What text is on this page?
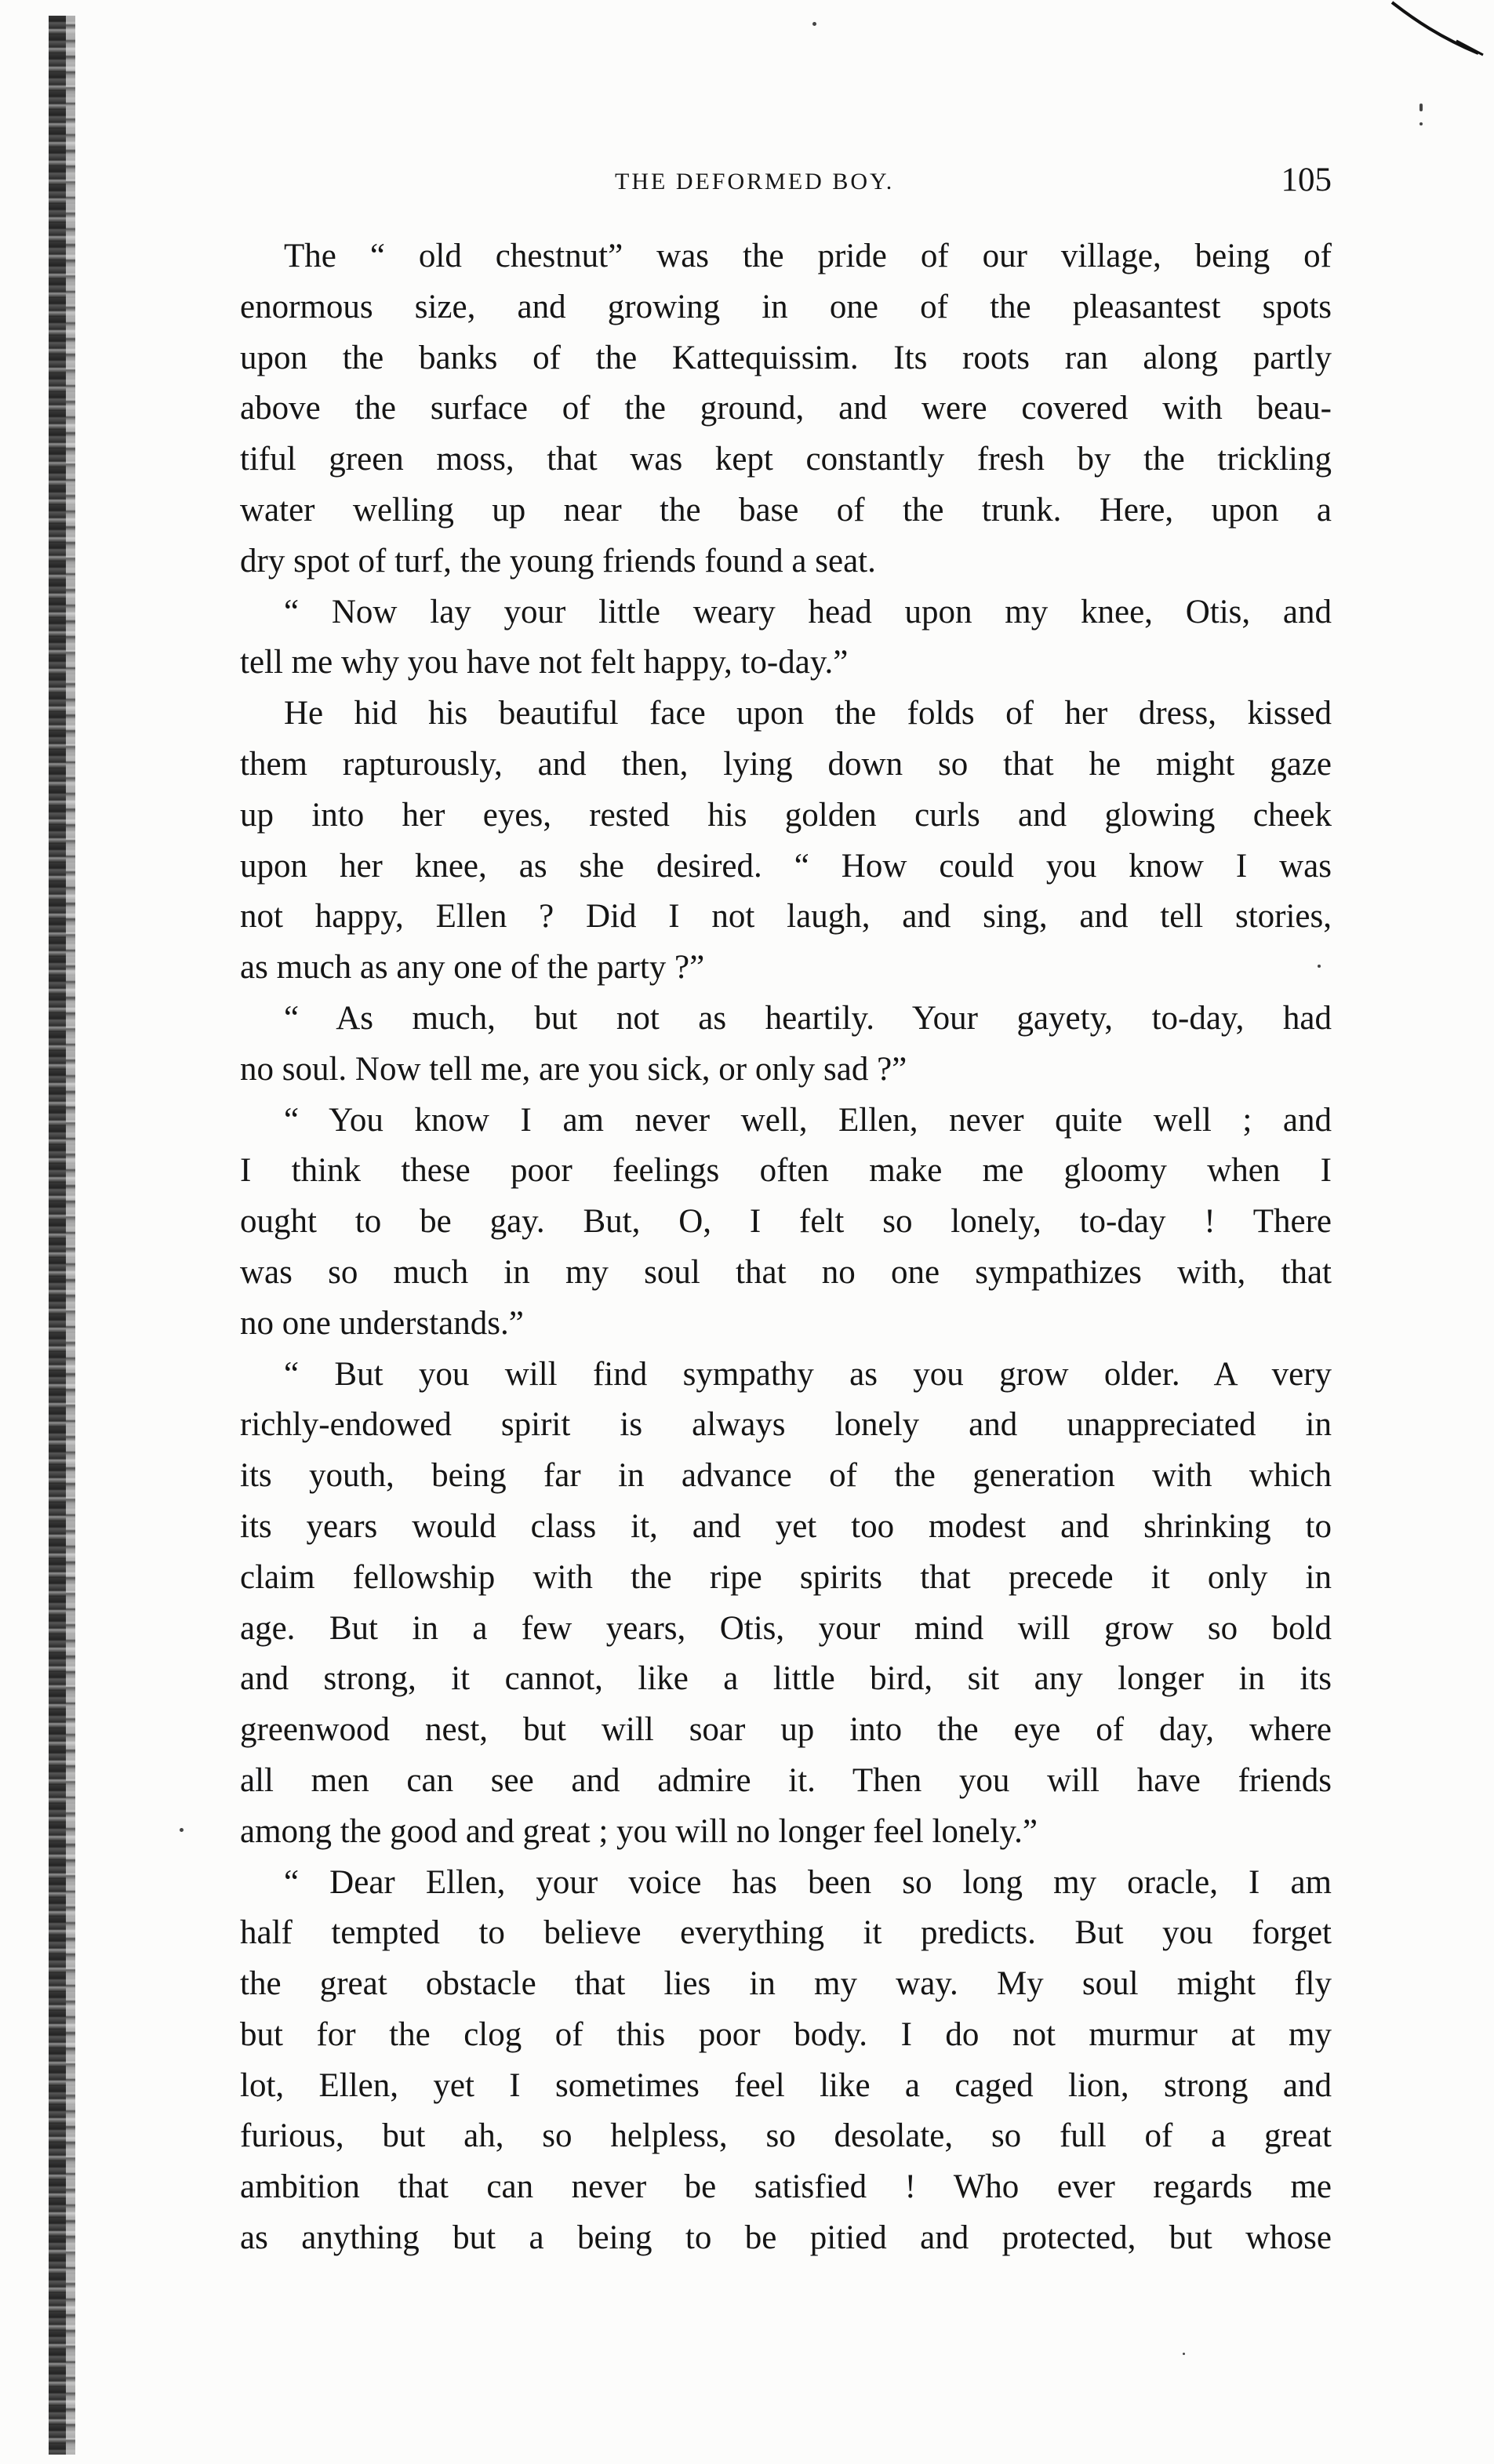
THE DEFORMED BOY.	105
The “ old chestnut” was the pride of our village, being of
enormous size, and growing in one of the pleasantest spots
upon the banks of the Kattequissim. Its roots ran along partly
above the surface of the ground, and were covered with beau-
tiful green moss, that was kept constantly fresh by the trickling
water welling up near the base of the trunk. Here, upon a
dry spot of turf, the young friends found a seat.
“ Now lay your little weary head upon my knee, Otis, and
tell me why you have not felt happy, to-day.”
He hid his beautiful face upon the folds of her dress, kissed
them rapturously, and then, lying down so that he might gaze
up into her eyes, rested his golden curls and glowing cheek
upon her knee, as she desired. “ How could you know I was
not happy, Ellen ? Did I not laugh, and sing, and tell stories,
as much as any one of the party ?”
“ As much, but not as heartily. Your gayety, to-day, had
no soul. Now tell me, are you sick, or only sad ?”
“ You know I am never well, Ellen, never quite well ; and
I think these poor feelings often make me gloomy when I
ought to be gay. But, O, I felt so lonely, to-day ! There
was so much in my soul that no one sympathizes with, that
no one understands.”
“ But you will find sympathy as you grow older. A very
richly-endowed spirit is always lonely and unappreciated in
its youth, being far in advance of the generation with which
its years would class it, and yet too modest and shrinking to
claim fellowship with the ripe spirits that precede it only in
age. But in a few years, Otis, your mind will grow so bold
and strong, it cannot, like a little bird, sit any longer in its
greenwood nest, but will soar up into the eye of day, where
all men can see and admire it. Then you will have friends
among the good and great ; you will no longer feel lonely.”
“ Dear Ellen, your voice has been so long my oracle, I am
half tempted to believe everything it predicts. But you forget
the great obstacle that lies in my way. My soul might fly
but for the clog of this poor body. I do not murmur at my
lot, Ellen, yet I sometimes feel like a caged lion, strong and
furious, but ah, so helpless, so desolate, so full of a great
ambition that can never be satisfied ! Who ever regards me
as anything but a being to be pitied and protected, but whose
